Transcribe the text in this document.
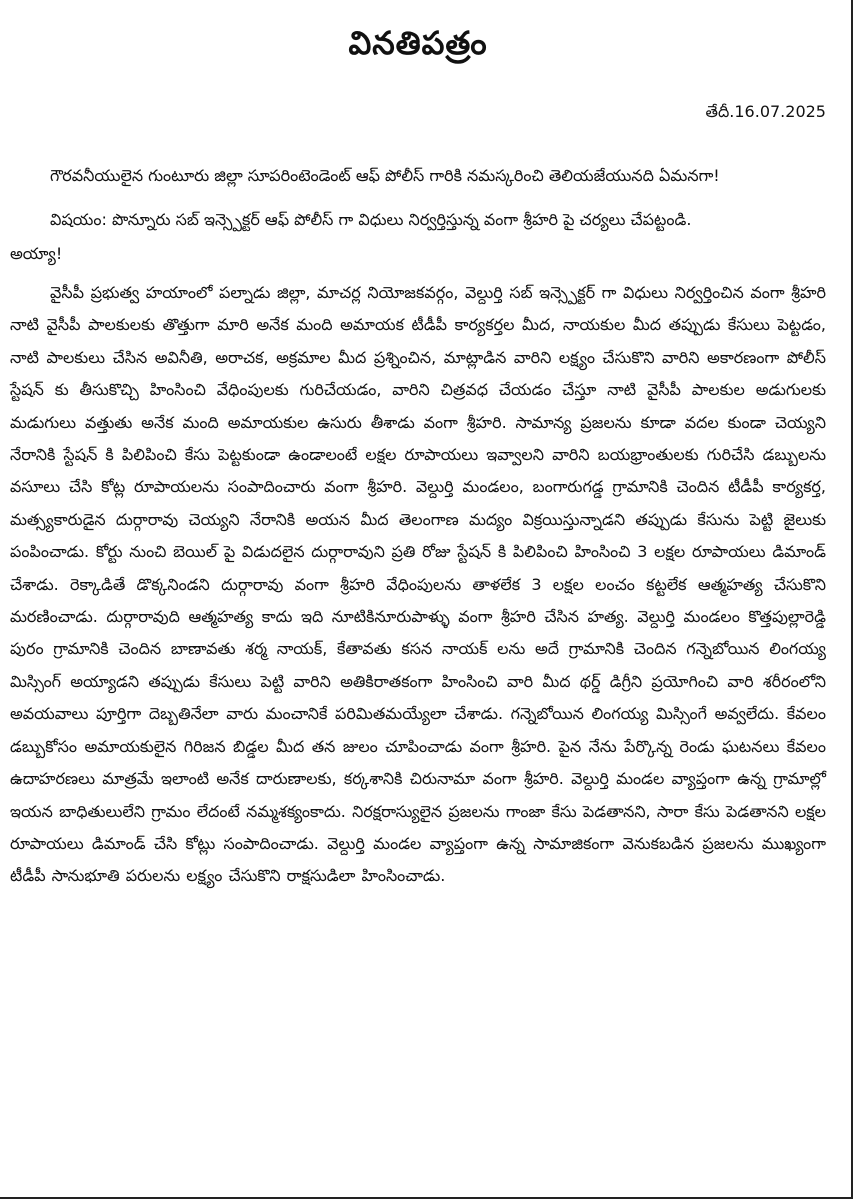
వినతిపత్రం

తేదీ.16.07.2025

గౌరవనీయులైన గుంటూరు జిల్లా సూపరింటెండెంట్ ఆఫ్ పోలీస్ గారికి నమస్కరించి తెలియజేయునది ఏమనగా!

విషయం: పొన్నూరు సబ్ ఇన్స్పెక్టర్ ఆఫ్ పోలీస్ గా విధులు నిర్వర్తిస్తున్న వంగా శ్రీహరి పై చర్యలు చేపట్టండి.

అయ్యా!

వైసీపీ ప్రభుత్వ హయాంలో పల్నాడు జిల్లా, మాచర్ల నియోజకవర్గం, వెల్దుర్తి సబ్ ఇన్స్పెక్టర్ గా విధులు నిర్వర్తించిన వంగా శ్రీహరి నాటి వైసీపీ పాలకులకు తొత్తుగా మారి అనేక మంది అమాయక టీడీపీ కార్యకర్తల మీద, నాయకుల మీద తప్పుడు కేసులు పెట్టడం, నాటి పాలకులు చేసిన అవినీతి, అరాచక, అక్రమాల మీద ప్రశ్నించిన, మాట్లాడిన వారిని లక్ష్యం చేసుకొని వారిని అకారణంగా పోలీస్ స్టేషన్ కు తీసుకొచ్చి హింసించి వేధింపులకు గురిచేయడం, వారిని చిత్రవధ చేయడం చేస్తూ నాటి వైసీపీ పాలకుల అడుగులకు మడుగులు వత్తుతు అనేక మంది అమాయకుల ఉసురు తీశాడు వంగా శ్రీహరి. సామాన్య ప్రజలను కూడా వదల కుండా చెయ్యని నేరానికి స్టేషన్ కి పిలిపించి కేసు పెట్టకుండా ఉండాలంటే లక్షల రూపాయలు ఇవ్వాలని వారిని బయభ్రాంతులకు గురిచేసి డబ్బులను వసూలు చేసి కోట్ల రూపాయలను సంపాదించారు వంగా శ్రీహరి. వెల్దుర్తి మండలం, బంగారుగడ్డ గ్రామానికి చెందిన టీడీపీ కార్యకర్త, మత్స్యకారుడైన దుర్గారావు చెయ్యని నేరానికి అయన మీద తెలంగాణ మద్యం విక్రయిస్తున్నాడని తప్పుడు కేసును పెట్టి జైలుకు పంపించాడు. కోర్టు నుంచి బెయిల్ పై విడుదలైన దుర్గారావుని ప్రతి రోజు స్టేషన్ కి పిలిపించి హింసించి 3 లక్షల రూపాయలు డిమాండ్ చేశాడు. రెక్కాడితే డొక్కనిండని దుర్గారావు వంగా శ్రీహరి వేధింపులను తాళలేక 3 లక్షల లంచం కట్టలేక ఆత్మహత్య చేసుకొని మరణించాడు. దుర్గారావుది ఆత్మహత్య కాదు ఇది నూటికినూరుపాళ్ళు వంగా శ్రీహరి చేసిన హత్య. వెల్దుర్తి మండలం కొత్తపుల్లారెడ్డి పురం గ్రామానికి చెందిన బాణావతు శర్మ నాయక్, కేతావతు కసన నాయక్ లను అదే గ్రామానికి చెందిన గన్నెబోయిన లింగయ్య మిస్సింగ్ అయ్యాడని తప్పుడు కేసులు పెట్టి వారిని అతికిరాతకంగా హింసించి వారి మీద థర్డ్ డిగ్రీని ప్రయోగించి వారి శరీరంలోని అవయవాలు పూర్తిగా దెబ్బతినేలా వారు మంచానికే పరిమితమయ్యేలా చేశాడు. గన్నెబోయిన లింగయ్య మిస్సింగే అవ్వలేదు. కేవలం డబ్బుకోసం అమాయకులైన గిరిజన బిడ్డల మీద తన జులం చూపించాడు వంగా శ్రీహరి. పైన నేను పేర్కొన్న రెండు ఘటనలు కేవలం ఉదాహరణలు మాత్రమే ఇలాంటి అనేక దారుణాలకు, కర్కశానికి చిరునామా వంగా శ్రీహరి. వెల్దుర్తి మండల వ్యాప్తంగా ఉన్న గ్రామాల్లో ఇయన బాధితులులేని గ్రామం లేదంటే నమ్మశక్యంకాదు. నిరక్షరాస్యులైన ప్రజలను గాంజా కేసు పెడతానని, సారా కేసు పెడతానని లక్షల రూపాయలు డిమాండ్ చేసి కోట్లు సంపాదించాడు. వెల్దుర్తి మండల వ్యాప్తంగా ఉన్న సామాజికంగా వెనుకబడిన ప్రజలను ముఖ్యంగా టీడీపీ సానుభూతి పరులను లక్ష్యం చేసుకొని రాక్షసుడిలా హింసించాడు.
